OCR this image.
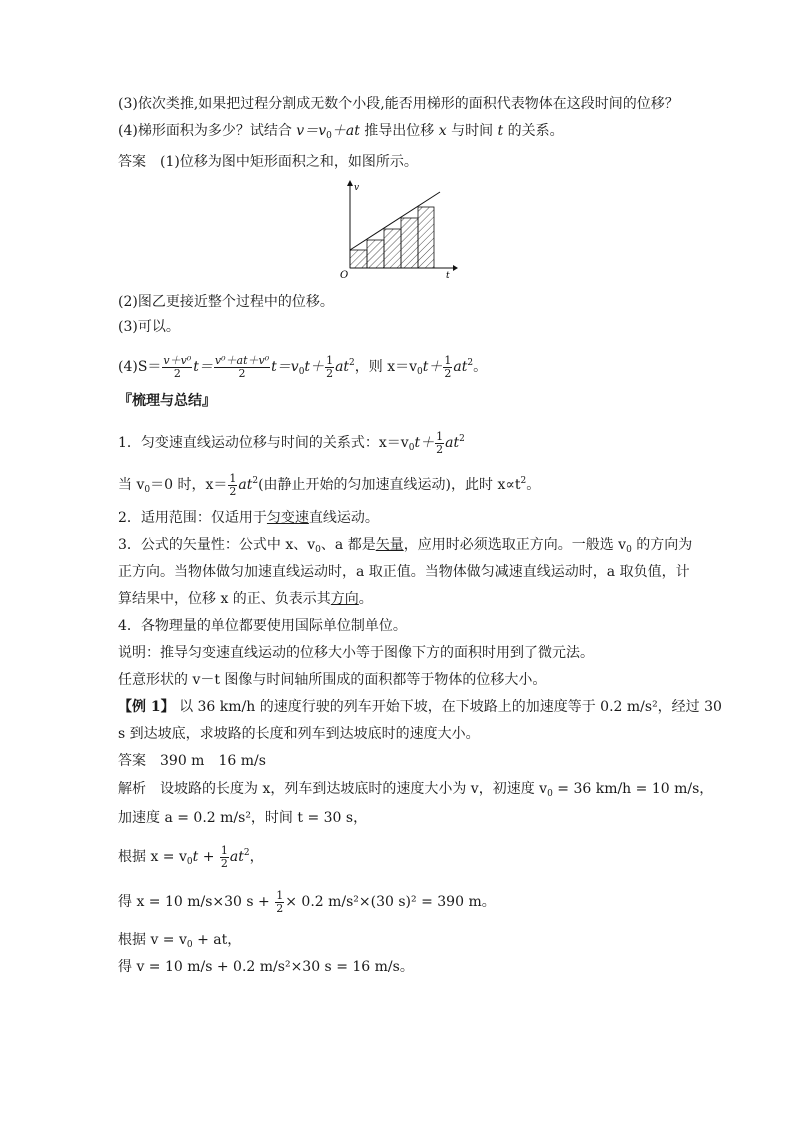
(3)依次类推,如果把过程分割成无数个小段,能否用梯形的面积代表物体在这段时间的位移？
(4)梯形面积为多少？试结合 $v=v_0+at$ 推导出位移 x 与时间 t 的关系。
答案　 (1)位移为图中矩形面积之和，如图所示。
v
t
O
(2)图乙更接近整个过程中的位移。
(3)可以。
$(4)S= \frac{\text{v＋v⁰}}{2} t= \frac{\text{v⁰＋at＋v⁰}}{2} t=v_0t+ \frac{1}{2} at^2$，则 $x=v_0t+ \frac{1}{2} at^2$。
『梳理与总结』
1．匀变速直线运动位移与时间的关系式：$x=v_0t+ \frac{1}{2} at^2$
当 $v_0=0$ 时，$x= \frac{1}{2} at^2$(由静止开始的匀加速直线运动)，此时 $x\propto t^2$。
2．适用范围：仅适用于匀变速直线运动。
3．公式的矢量性：公式中 x、$v_0$、a 都是矢量，应用时必须选取正方向。一般选 $v_0$ 的方向为
正方向。当物体做匀加速直线运动时，a 取正值。当物体做匀减速直线运动时，a 取负值，计
算结果中，位移 x 的正、负表示其方向。
4．各物理量的单位都要使用国际单位制单位。
说明：推导匀变速直线运动的位移大小等于图像下方的面积时用到了微元法。
任意形状的 v－t 图像与时间轴所围成的面积都等于物体的位移大小。
【例 1】 以 36 km/h 的速度行驶的列车开始下坡，在下坡路上的加速度等于 0.2 m/s²，经过 30
s 到达坡底，求坡路的长度和列车到达坡底时的速度大小。
答案　 390 m　16 m/s
解析　 设坡路的长度为 x，列车到达坡底时的速度大小为 v，初速度 $v_0 = 36$ km/h = 10 m/s，
加速度 a = 0.2 m/s²，时间 t = 30 s，
根据 $x = v_0t + \frac{1}{2} at^2$，
得 x = 10 m/s×30 $s + \frac{1}{2} \times 0.2$ m/s²×(30 s)² = 390 m。
根据 $v = v_0$ + at，
得 v = 10 m/s + 0.2 m/s²×30 s = 16 m/s。
